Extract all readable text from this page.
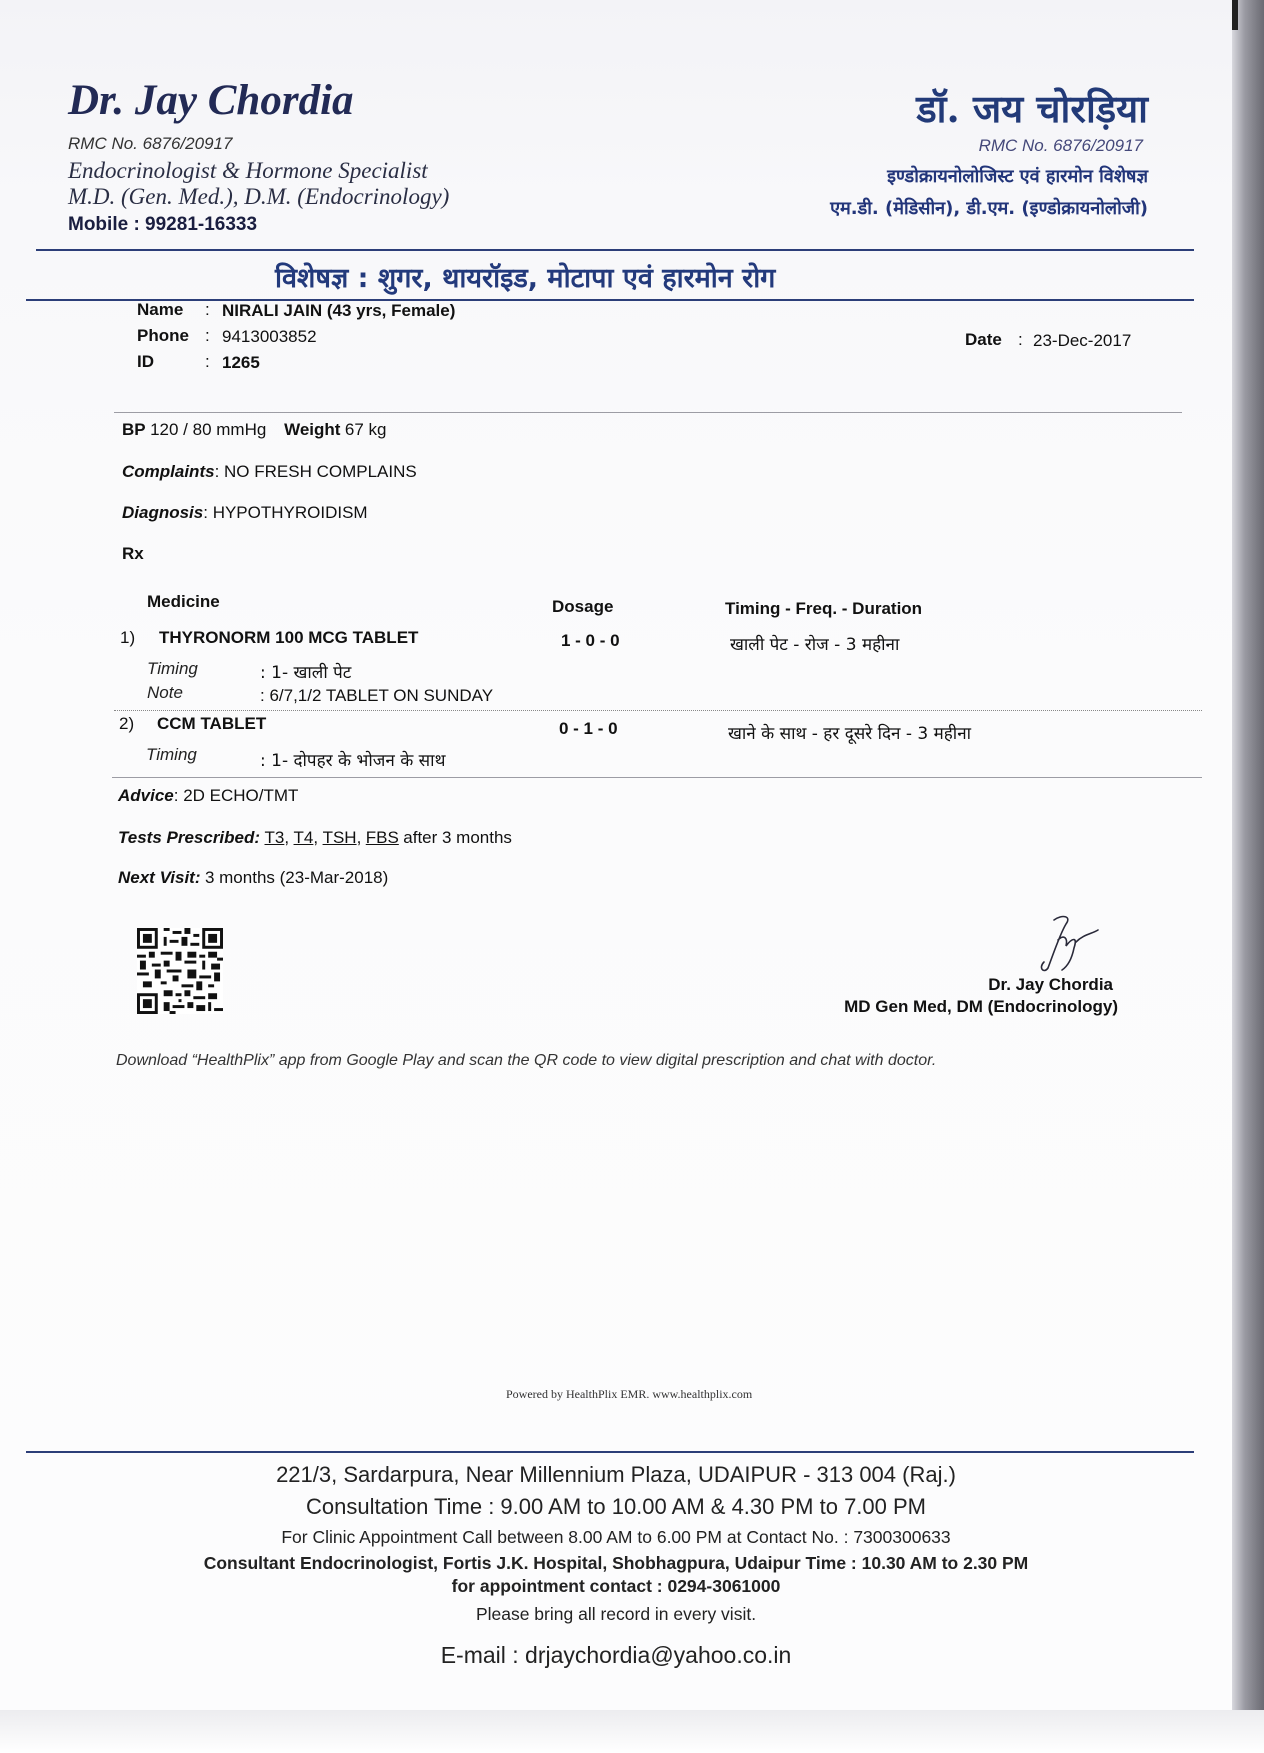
Dr. Jay Chordia
RMC No. 6876/20917
Endocrinologist & Hormone Specialist
M.D. (Gen. Med.), D.M. (Endocrinology)
Mobile : 99281-16333
डॉ. जय चोरड़िया
RMC No. 6876/20917
इण्डोक्रायनोलोजिस्ट एवं हारमोन विशेषज्ञ
एम.डी. (मेडिसीन), डी.एम. (इण्डोक्रायनोलोजी)
विशेषज्ञ : शुगर, थायरॉइड, मोटापा एवं हारमोन रोग
Name : NIRALI JAIN (43 yrs, Female)
Phone : 9413003852
ID	: 1265
Date : 23-Dec-2017
BP 120 / 80 mmHg Weight 67 kg
Complaints: NO FRESH COMPLAINS
Diagnosis: HYPOTHYROIDISM
Rx
Medicine	Dosage	Timing - Freq. - Duration
1) THYRONORM 100 MCG TABLET	1 - 0 - 0	खाली पेट - रोज - 3 महीना
Timing	: 1- खाली पेट
Note	: 6/7,1/2 TABLET ON SUNDAY
2) CCM TABLET	0 - 1 - 0	खाने के साथ - हर दूसरे दिन - 3 महीना
Timing	: 1- दोपहर के भोजन के साथ
Advice: 2D ECHO/TMT
Tests Prescribed: T3, T4, TSH, FBS after 3 months
Next Visit: 3 months (23-Mar-2018)
Dr. Jay Chordia
MD Gen Med, DM (Endocrinology)
Download “HealthPlix” app from Google Play and scan the QR code to view digital prescription and chat with doctor.
Powered by HealthPlix EMR. www.healthplix.com
221/3, Sardarpura, Near Millennium Plaza, UDAIPUR - 313 004 (Raj.)
Consultation Time : 9.00 AM to 10.00 AM & 4.30 PM to 7.00 PM
For Clinic Appointment Call between 8.00 AM to 6.00 PM at Contact No. : 7300300633
Consultant Endocrinologist, Fortis J.K. Hospital, Shobhagpura, Udaipur Time : 10.30 AM to 2.30 PM
for appointment contact : 0294-3061000
Please bring all record in every visit.
E-mail : drjaychordia@yahoo.co.in
